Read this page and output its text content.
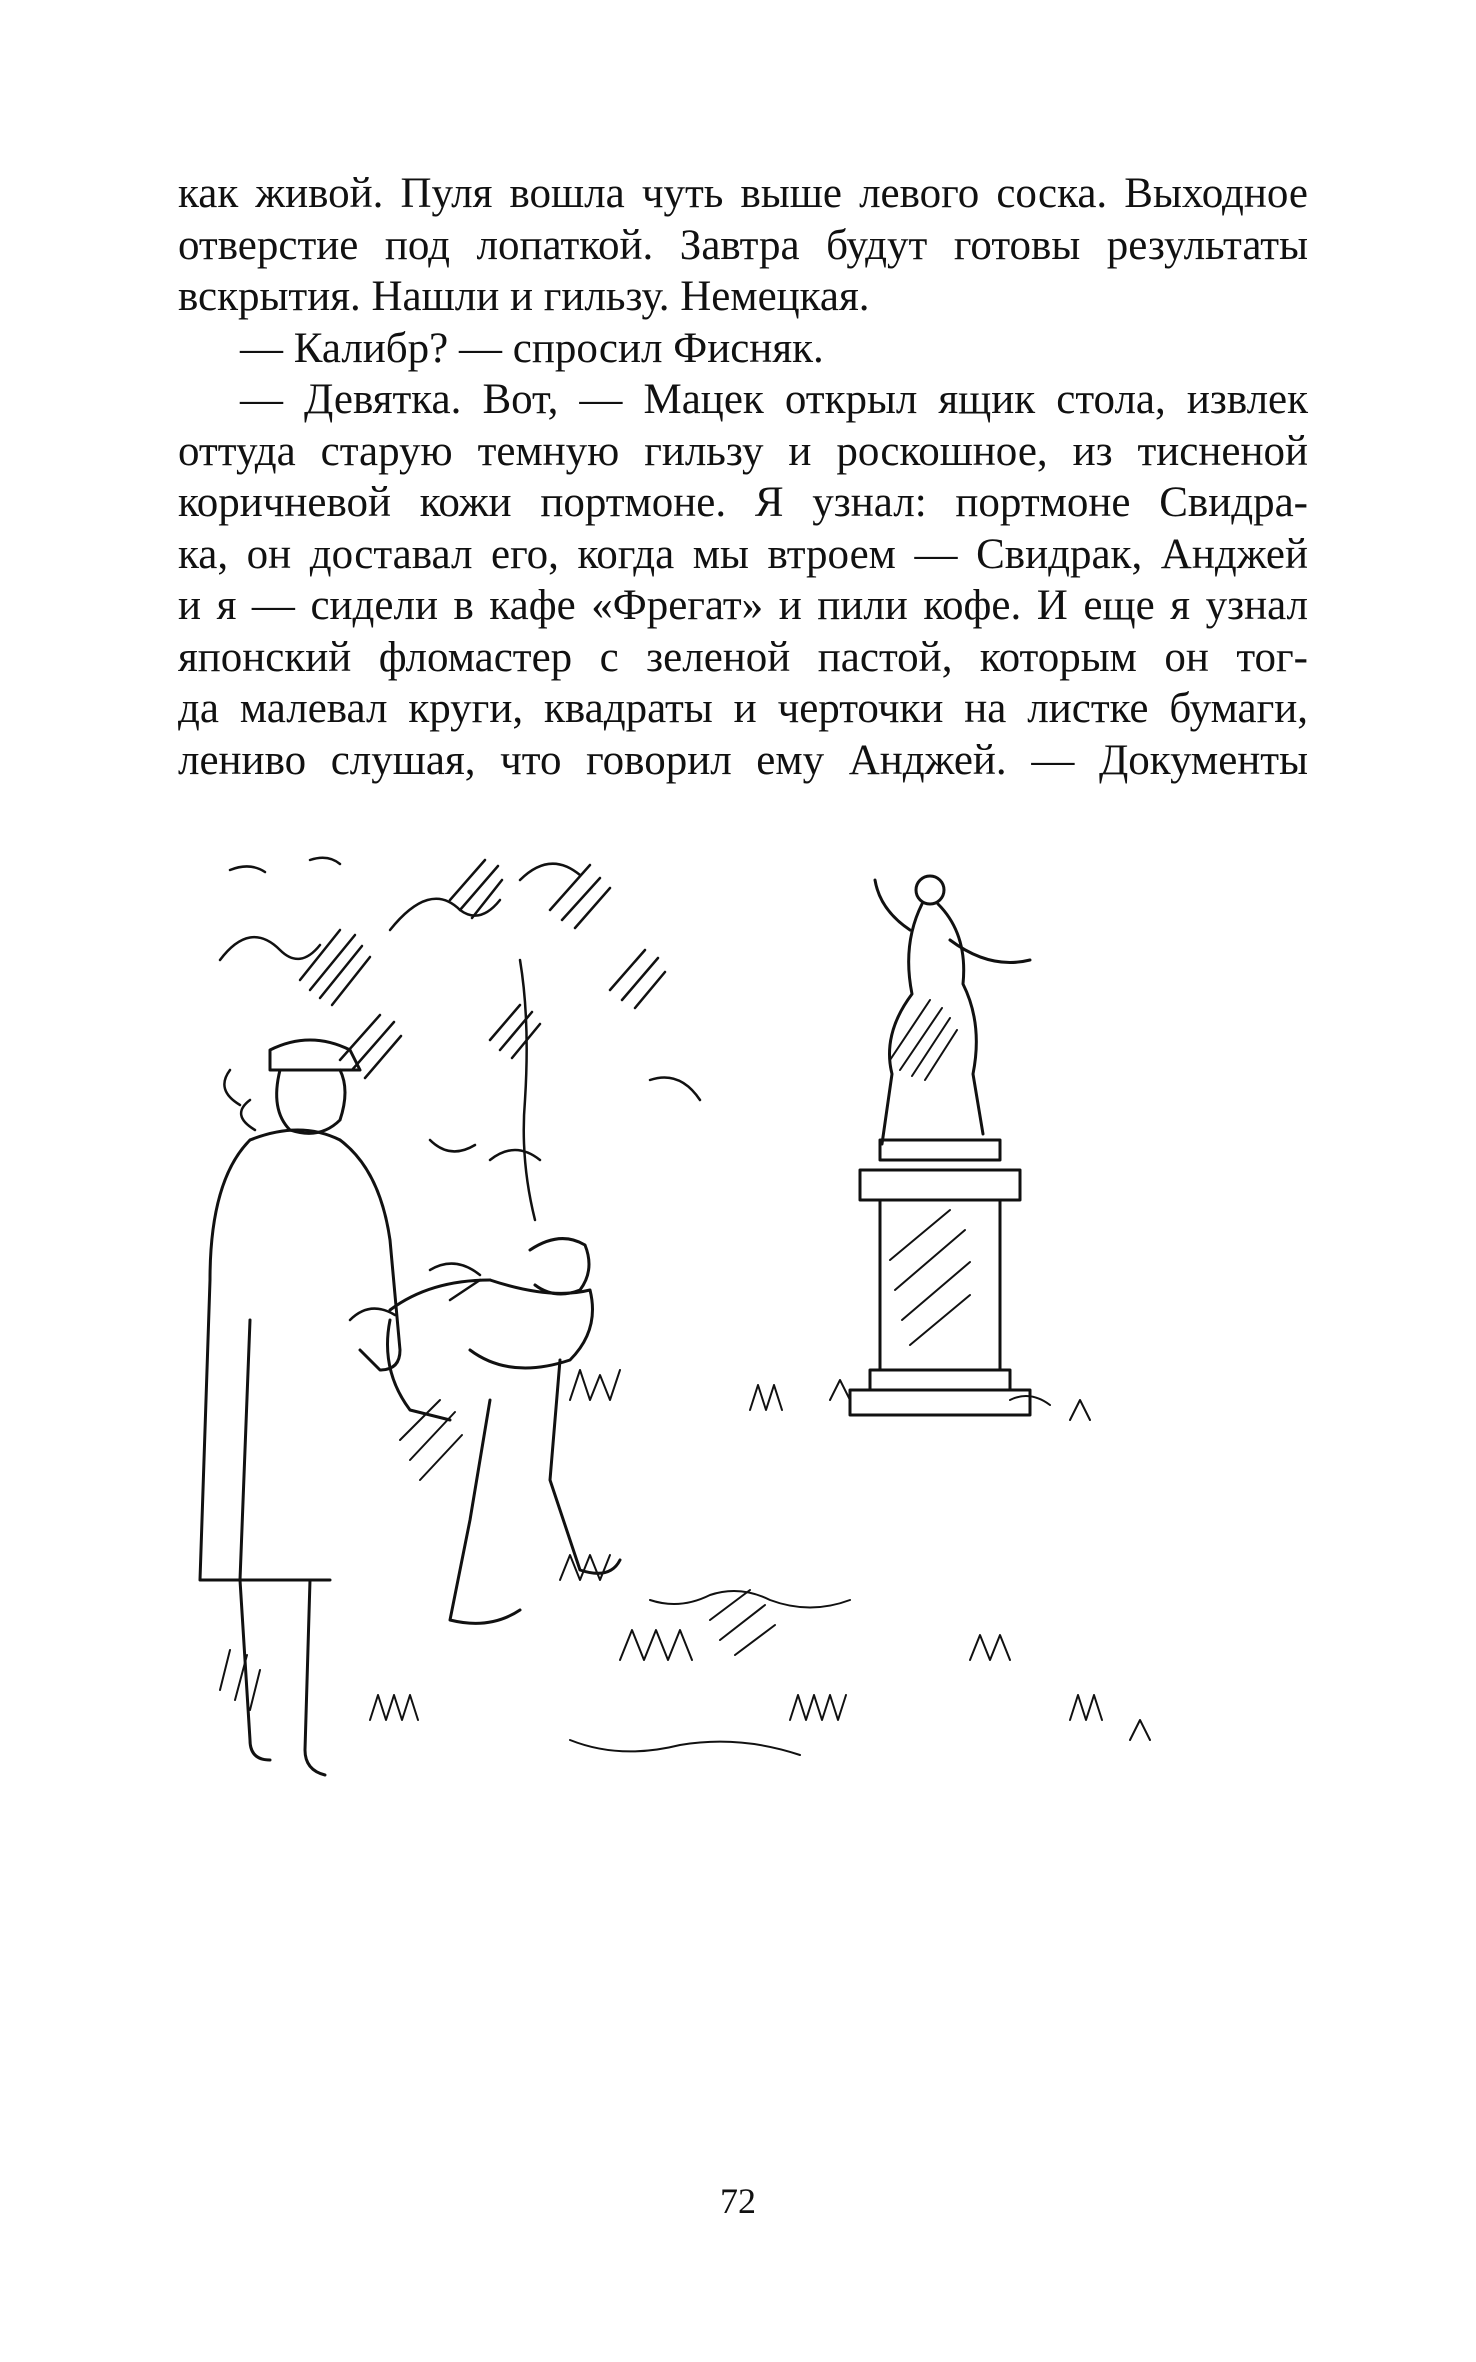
как живой. Пуля вошла чуть выше левого соска. Выходное
отверстие под лопаткой. Завтра будут готовы результаты
вскрытия. Нашли и гильзу. Немецкая.
— Калибр? — спросил Фисняк.
— Девятка. Вот, — Мацек открыл ящик стола, извлек
оттуда старую темную гильзу и роскошное, из тисненой
коричневой кожи портмоне. Я узнал: портмоне Свидра-
ка, он доставал его, когда мы втроем — Свидрак, Анджей
и я — сидели в кафе «Фрегат» и пили кофе. И еще я узнал
японский фломастер с зеленой пастой, которым он тог-
да малевал круги, квадраты и черточки на листке бумаги,
лениво слушая, что говорил ему Анджей. — Документы
72
